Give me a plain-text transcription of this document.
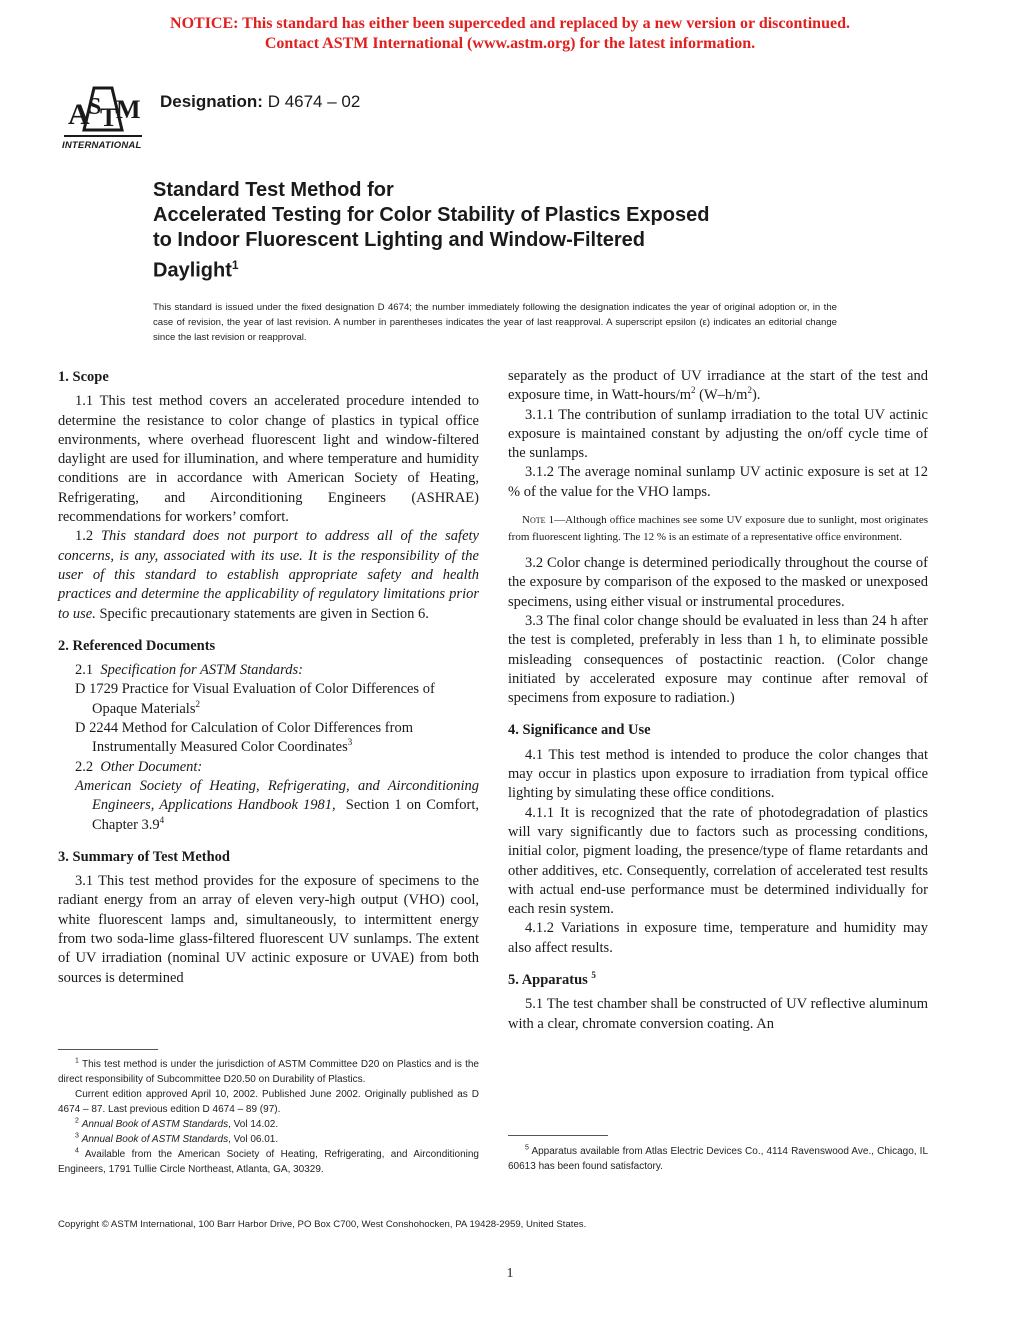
NOTICE: This standard has either been superceded and replaced by a new version or discontinued.
Contact ASTM International (www.astm.org) for the latest information.
A
S
T
M
INTERNATIONAL
Designation: D 4674 – 02
Standard Test Method for
Accelerated Testing for Color Stability of Plastics Exposed
to Indoor Fluorescent Lighting and Window-Filtered
Daylight$^1$
This standard is issued under the fixed designation D 4674; the number immediately following the designation indicates the year of original adoption or, in the case of revision, the year of last revision. A number in parentheses indicates the year of last reapproval. A superscript epsilon (ε) indicates an editorial change since the last revision or reapproval.

1. Scope

1.1 This test method covers an accelerated procedure intended to determine the resistance to color change of plastics in typical office environments, where overhead fluorescent light and window-filtered daylight are used for illumination, and where temperature and humidity conditions are in accordance with American Society of Heating, Refrigerating, and Airconditioning Engineers (ASHRAE) recommendations for workers’ comfort.

1.2 This standard does not purport to address all of the safety concerns, is any, associated with its use. It is the responsibility of the user of this standard to establish appropriate safety and health practices and determine the applicability of regulatory limitations prior to use. Specific precautionary statements are given in Section 6.

2. Referenced Documents

2.1 Specification for ASTM Standards:

D 1729 Practice for Visual Evaluation of Color Differences of Opaque Materials$^2$

D 2244 Method for Calculation of Color Differences from Instrumentally Measured Color Coordinates$^3$

2.2 Other Document:

American Society of Heating, Refrigerating, and Airconditioning Engineers, Applications Handbook 1981, Section 1 on Comfort, Chapter $3.9^4$

3. Summary of Test Method

3.1 This test method provides for the exposure of specimens to the radiant energy from an array of eleven very-high output (VHO) cool, white fluorescent lamps and, simultaneously, to intermittent energy from two soda-lime glass-filtered fluorescent UV sunlamps. The extent of UV irradiation (nominal UV actinic exposure or UVAE) from both sources is determined

separately as the product of UV irradiance at the start of the test and exposure time, in Watt-$hours/m^2$ $(W-h/m^2)$.

3.1.1 The contribution of sunlamp irradiation to the total UV actinic exposure is maintained constant by adjusting the on/off cycle time of the sunlamps.

3.1.2 The average nominal sunlamp UV actinic exposure is set at 12 % of the value for the VHO lamps.

Note 1—Although office machines see some UV exposure due to sunlight, most originates from fluorescent lighting. The 12 % is an estimate of a representative office environment.

3.2 Color change is determined periodically throughout the course of the exposure by comparison of the exposed to the masked or unexposed specimens, using either visual or instrumental procedures.

3.3 The final color change should be evaluated in less than 24 h after the test is completed, preferably in less than 1 h, to eliminate possible misleading consequences of postactinic reaction. (Color change initiated by accelerated exposure may continue after removal of specimens from exposure to radiation.)

4. Significance and Use

4.1 This test method is intended to produce the color changes that may occur in plastics upon exposure to irradiation from typical office lighting by simulating these office conditions.

4.1.1 It is recognized that the rate of photodegradation of plastics will vary significantly due to factors such as processing conditions, initial color, pigment loading, the presence/type of flame retardants and other additives, etc. Consequently, correlation of accelerated test results with actual end-use performance must be determined individually for each resin system.

4.1.2 Variations in exposure time, temperature and humidity may also affect results.

5. Apparatus $^5$

5.1 The test chamber shall be constructed of UV reflective aluminum with a clear, chromate conversion coating. An

$^1$ This test method is under the jurisdiction of ASTM Committee D20 on Plastics and is the direct responsibility of Subcommittee D20.50 on Durability of Plastics.

Current edition approved April 10, 2002. Published June 2002. Originally published as D 4674 – 87. Last previous edition D 4674 – 89 (97).

$^2$ Annual Book of ASTM Standards, Vol 14.02.

$^3$ Annual Book of ASTM Standards, Vol 06.01.

$^4$ Available from the American Society of Heating, Refrigerating, and Airconditioning Engineers, 1791 Tullie Circle Northeast, Atlanta, GA, 30329.

$^5$ Apparatus available from Atlas Electric Devices Co., 4114 Ravenswood Ave., Chicago, IL 60613 has been found satisfactory.

Copyright © ASTM International, 100 Barr Harbor Drive, PO Box C700, West Conshohocken, PA 19428-2959, United States.
1
